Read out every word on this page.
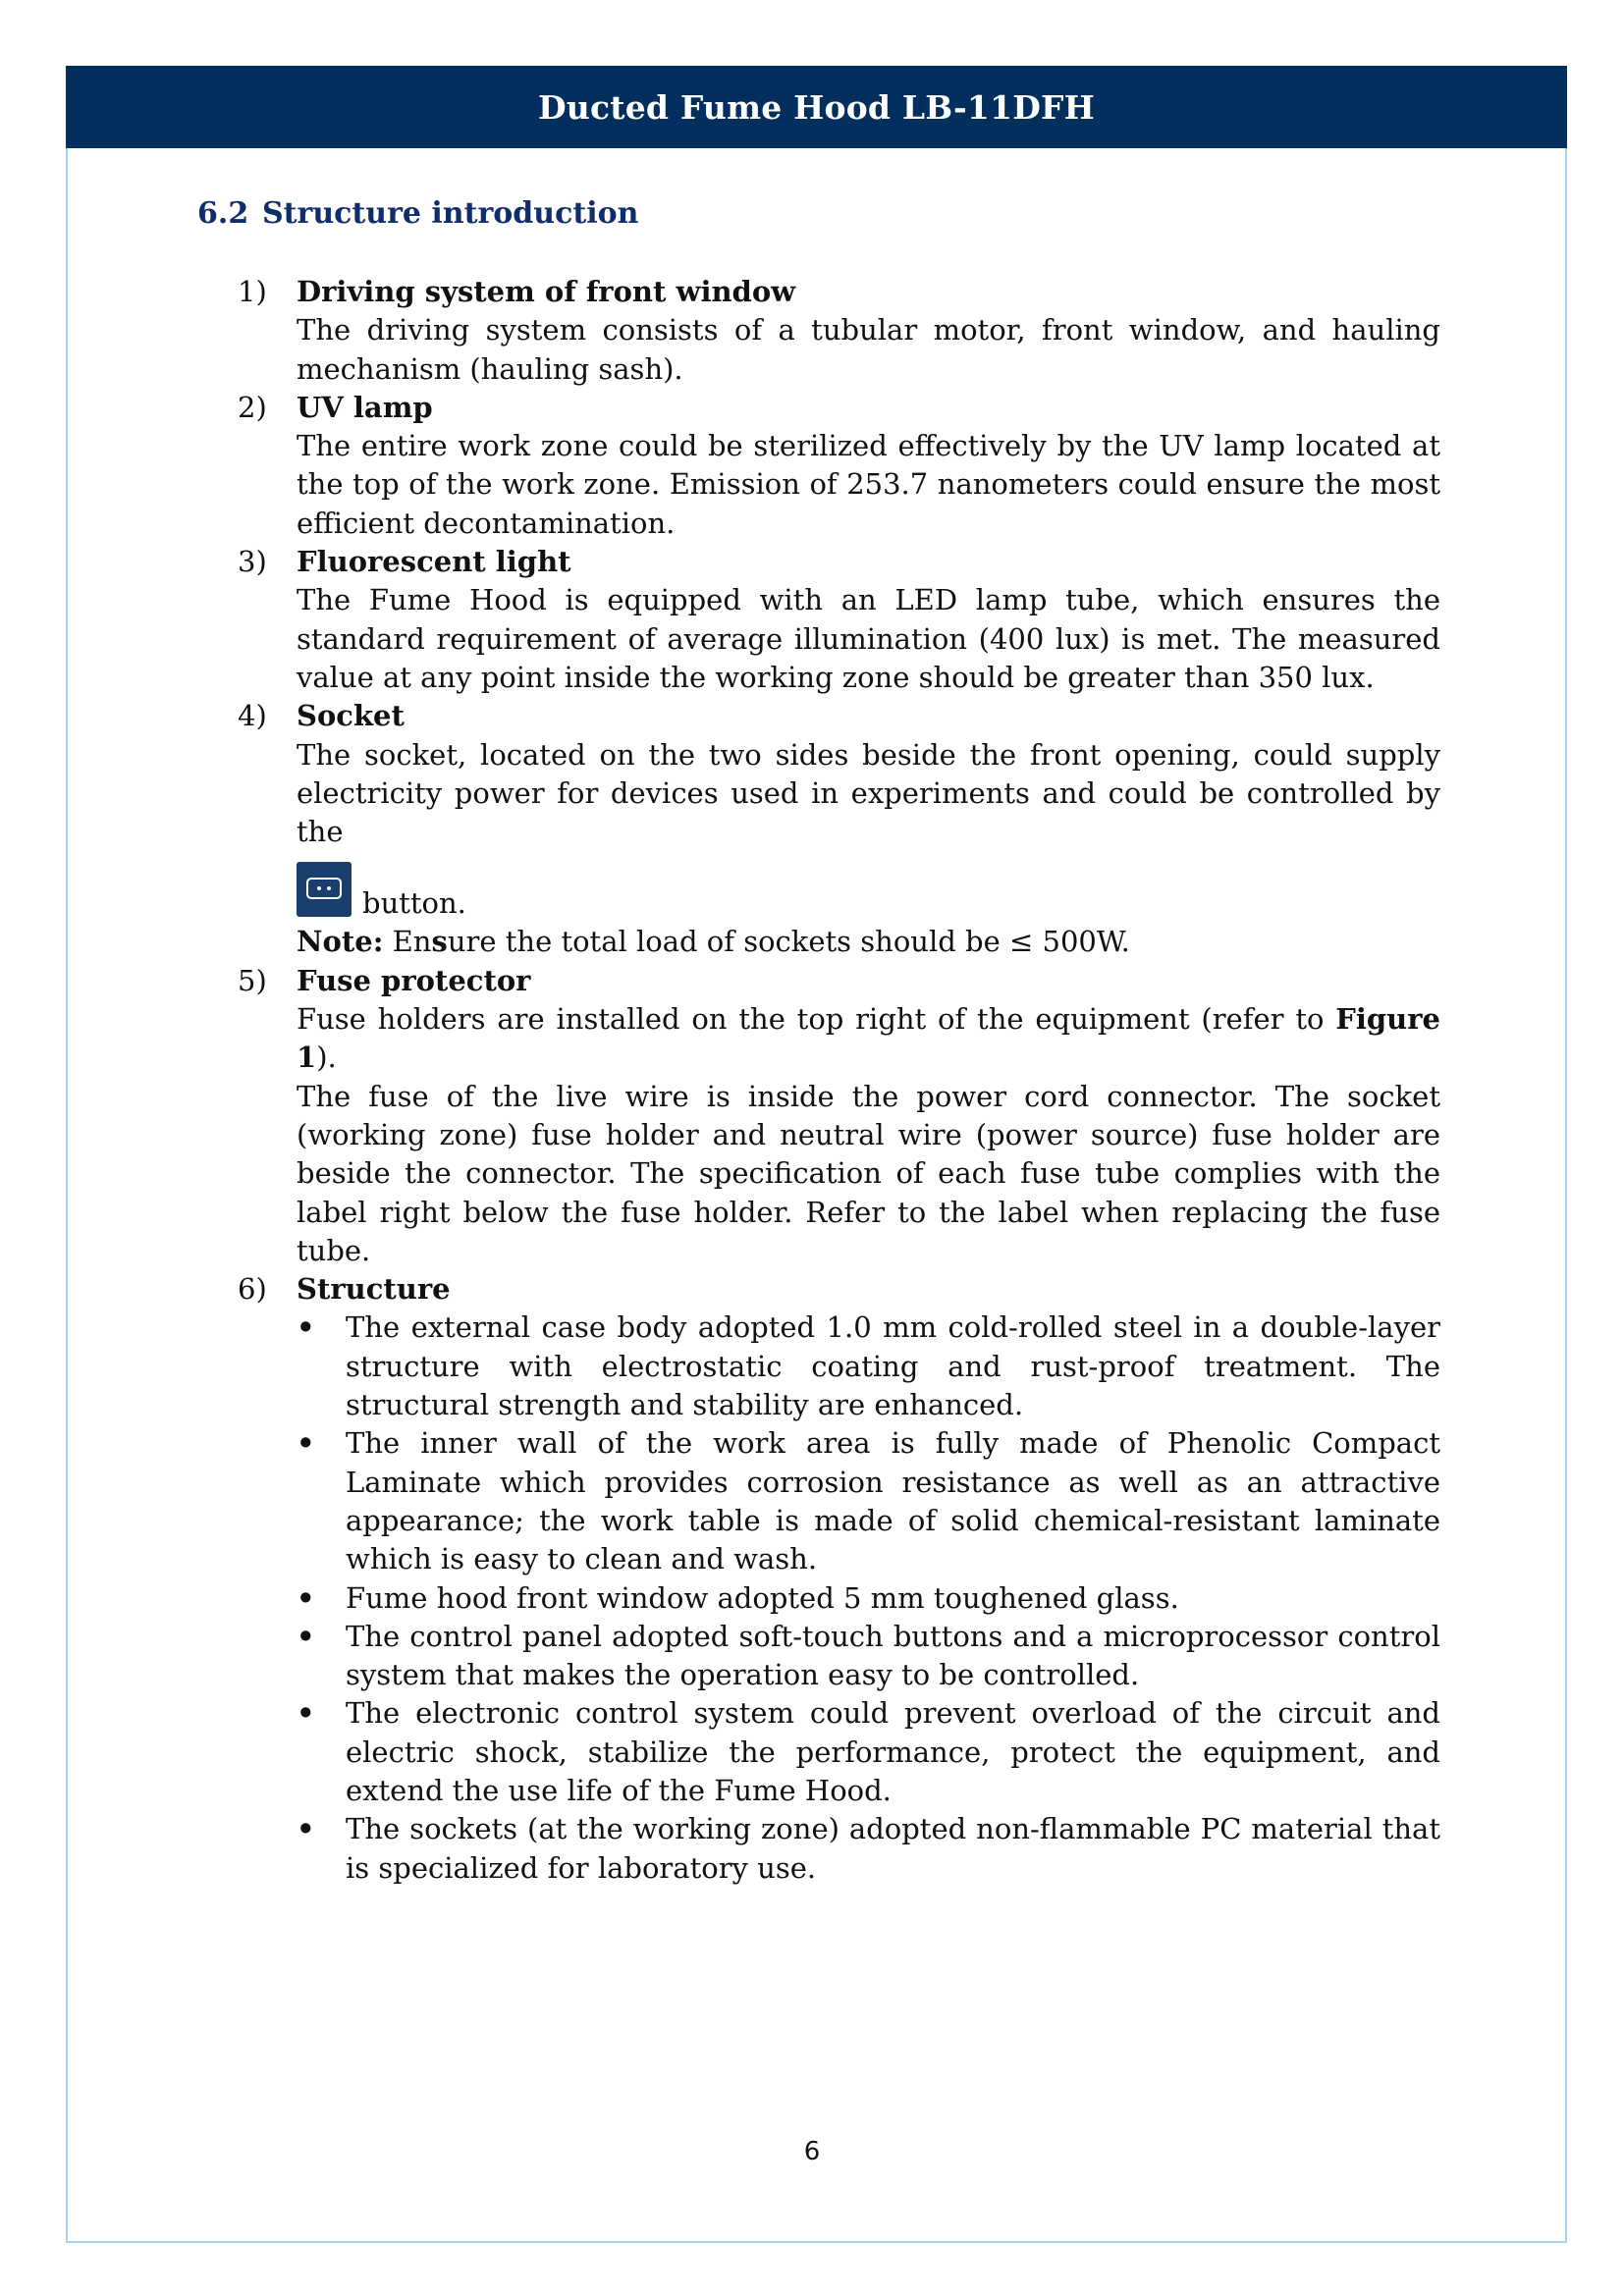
Ducted Fume Hood LB-11DFH
6.2 Structure introduction
1) Driving system of front window

The driving system consists of a tubular motor, front window, and hauling mechanism (hauling sash).

2) UV lamp

The entire work zone could be sterilized effectively by the UV lamp located at the top of the work zone. Emission of 253.7 nanometers could ensure the most efficient decontamination.

3) Fluorescent light

The Fume Hood is equipped with an LED lamp tube, which ensures the standard requirement of average illumination (400 lux) is met. The measured value at any point inside the working zone should be greater than 350 lux.

4) Socket

The socket, located on the two sides beside the front opening, could supply electricity power for devices used in experiments and could be controlled by the

button.

Note: Ensure the total load of sockets should be ≤ 500W.

5) Fuse protector

Fuse holders are installed on the top right of the equipment (refer to Figure 1).

The fuse of the live wire is inside the power cord connector. The socket (working zone) fuse holder and neutral wire (power source) fuse holder are beside the connector. The specification of each fuse tube complies with the label right below the fuse holder. Refer to the label when replacing the fuse tube.

6) Structure
• The external case body adopted 1.0 mm cold-rolled steel in a double-layer structure with electrostatic coating and rust-proof treatment. The structural strength and stability are enhanced.
• The inner wall of the work area is fully made of Phenolic Compact Laminate which provides corrosion resistance as well as an attractive appearance; the work table is made of solid chemical-resistant laminate which is easy to clean and wash.
• Fume hood front window adopted 5 mm toughened glass.
• The control panel adopted soft-touch buttons and a microprocessor control system that makes the operation easy to be controlled.
• The electronic control system could prevent overload of the circuit and electric shock, stabilize the performance, protect the equipment, and extend the use life of the Fume Hood.
• The sockets (at the working zone) adopted non-flammable PC material that is specialized for laboratory use.
6
